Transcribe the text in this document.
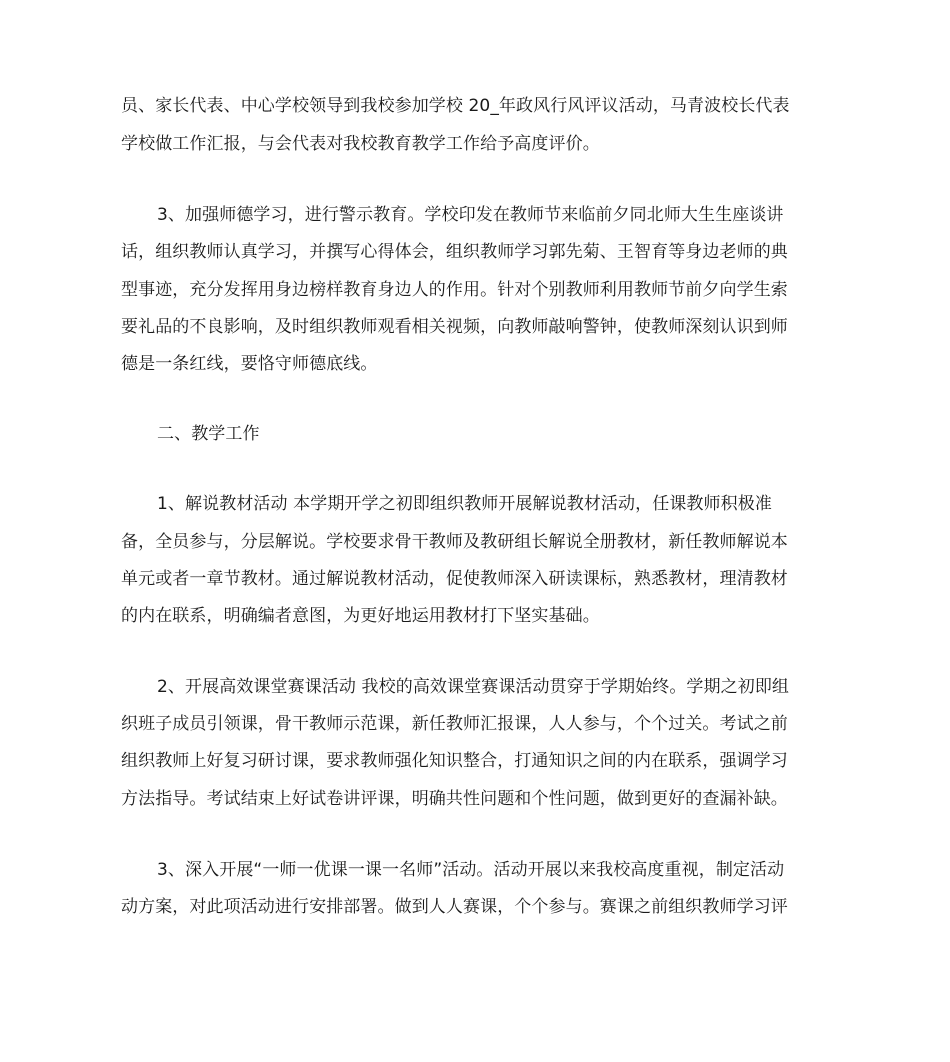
员、家长代表、中心学校领导到我校参加学校 20_年政风行风评议活动，马青波校长代表
学校做工作汇报，与会代表对我校教育教学工作给予高度评价。
3、加强师德学习，进行警示教育。学校印发在教师节来临前夕同北师大生生座谈讲
话，组织教师认真学习，并撰写心得体会，组织教师学习郭先菊、王智育等身边老师的典
型事迹，充分发挥用身边榜样教育身边人的作用。针对个别教师利用教师节前夕向学生索
要礼品的不良影响，及时组织教师观看相关视频，向教师敲响警钟，使教师深刻认识到师
德是一条红线，要恪守师德底线。
二、教学工作
1、解说教材活动 本学期开学之初即组织教师开展解说教材活动，任课教师积极准
备，全员参与，分层解说。学校要求骨干教师及教研组长解说全册教材，新任教师解说本
单元或者一章节教材。通过解说教材活动，促使教师深入研读课标，熟悉教材，理清教材
的内在联系，明确编者意图，为更好地运用教材打下坚实基础。
2、开展高效课堂赛课活动 我校的高效课堂赛课活动贯穿于学期始终。学期之初即组
织班子成员引领课，骨干教师示范课，新任教师汇报课，人人参与，个个过关。考试之前
组织教师上好复习研讨课，要求教师强化知识整合，打通知识之间的内在联系，强调学习
方法指导。考试结束上好试卷讲评课，明确共性问题和个性问题，做到更好的查漏补缺。
3、深入开展“一师一优课一课一名师”活动。活动开展以来我校高度重视，制定活动
动方案，对此项活动进行安排部署。做到人人赛课，个个参与。赛课之前组织教师学习评
